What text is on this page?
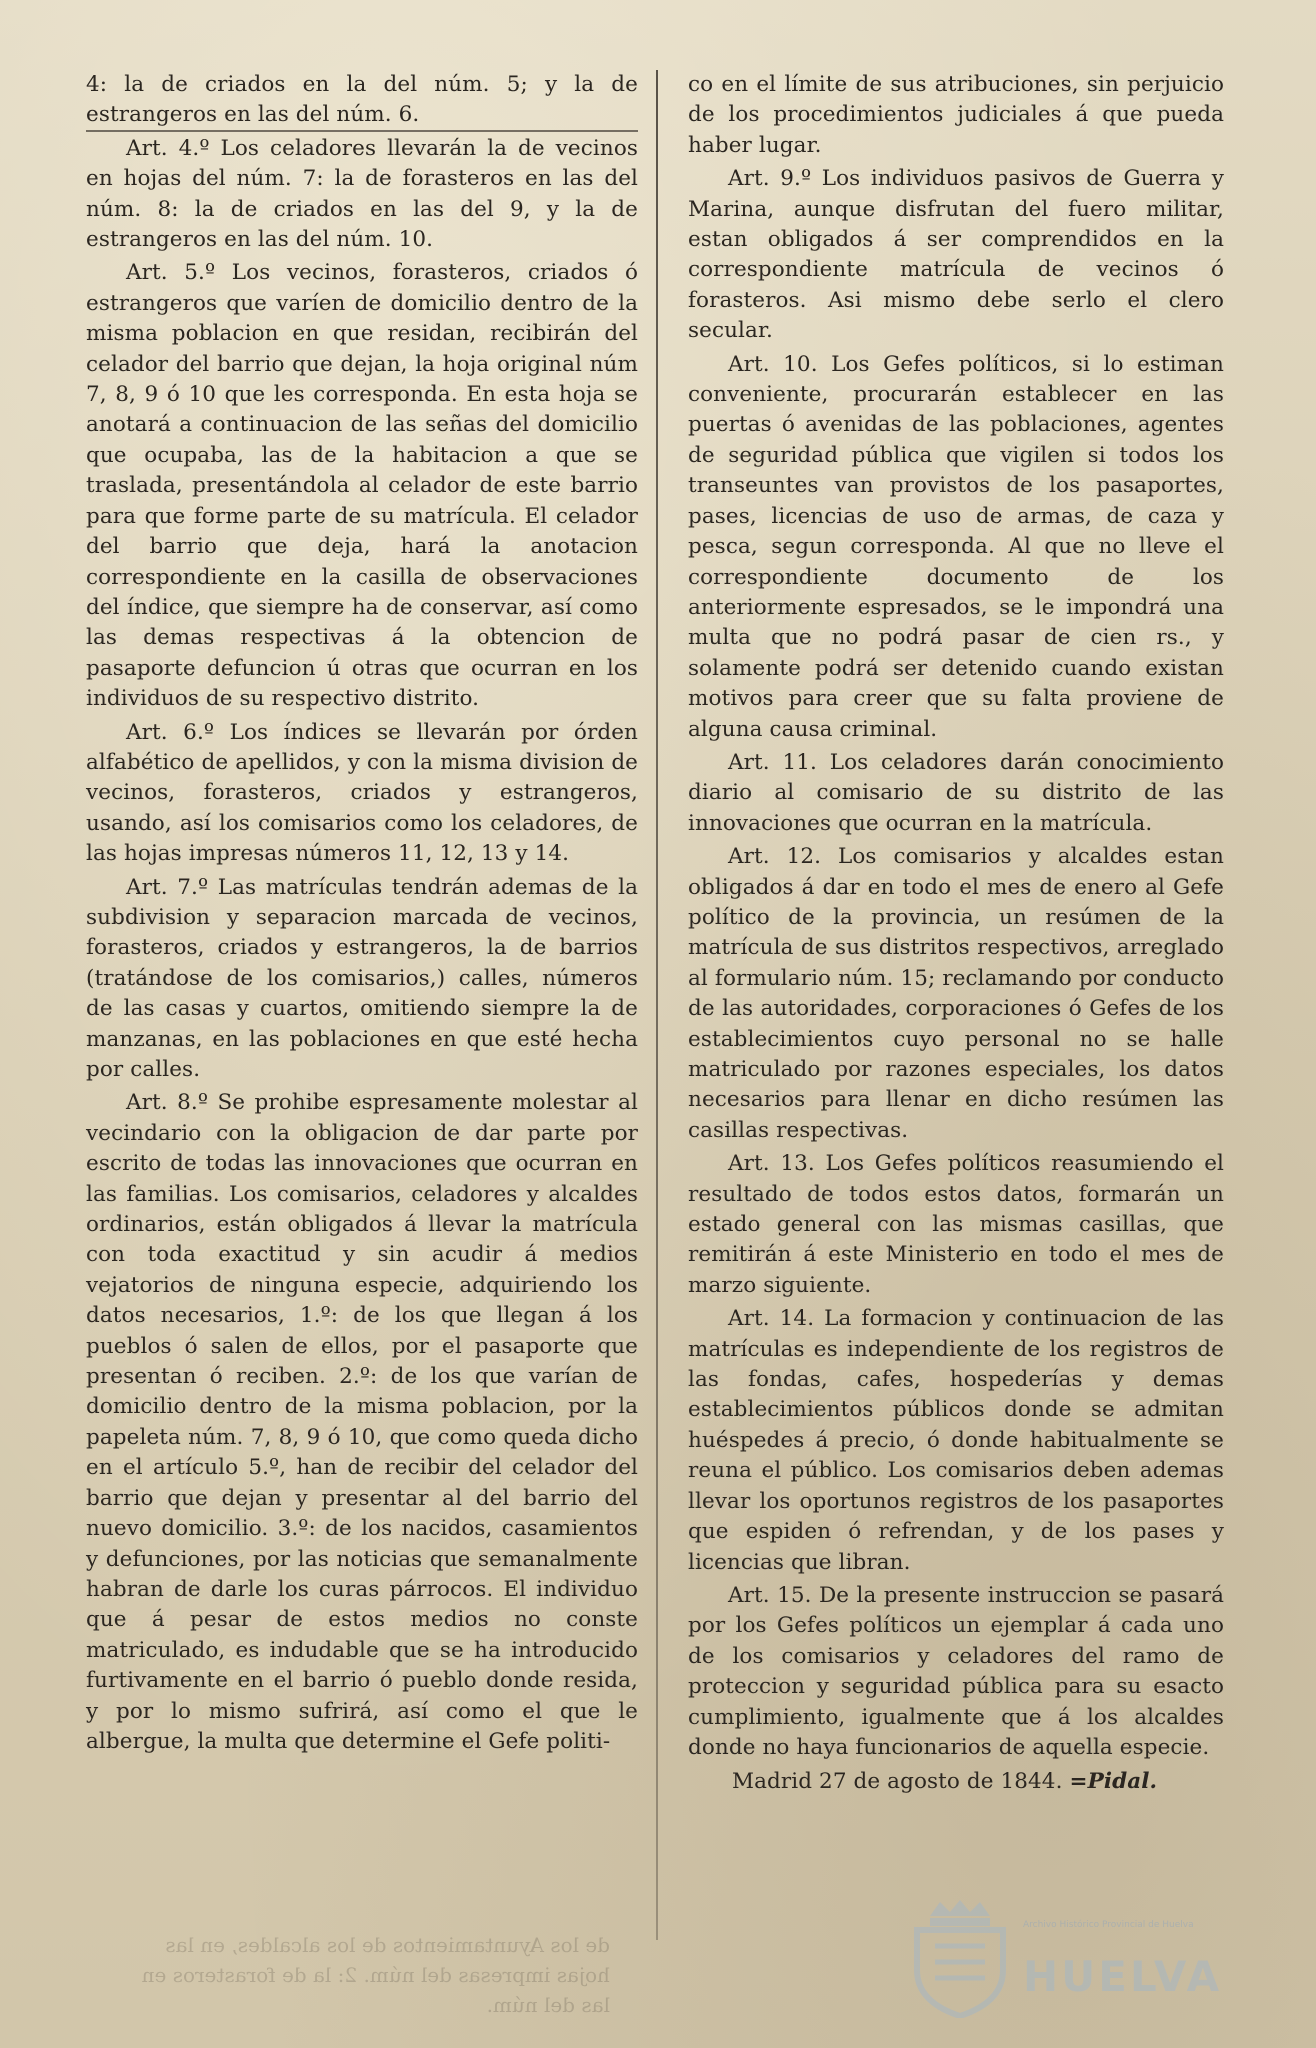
4: la de criados en la del núm. 5; y la de estrangeros en las del núm. 6.

Art. 4.º Los celadores llevarán la de vecinos en hojas del núm. 7: la de forasteros en las del núm. 8: la de criados en las del 9, y la de estrangeros en las del núm. 10.

Art. 5.º Los vecinos, forasteros, criados ó estrangeros que varíen de domicilio dentro de la misma poblacion en que residan, recibirán del celador del barrio que dejan, la hoja original núm 7, 8, 9 ó 10 que les corresponda. En esta hoja se anotará a continuacion de las señas del domicilio que ocupaba, las de la habitacion a que se traslada, presentándola al celador de este barrio para que forme parte de su matrícula. El celador del barrio que deja, hará la anotacion correspondiente en la casilla de observaciones del índice, que siempre ha de conservar, así como las demas respectivas á la obtencion de pasaporte defuncion ú otras que ocurran en los individuos de su respectivo distrito.

Art. 6.º Los índices se llevarán por órden alfabético de apellidos, y con la misma division de vecinos, forasteros, criados y estrangeros, usando, así los comisarios como los celadores, de las hojas impresas números 11, 12, 13 y 14.

Art. 7.º Las matrículas tendrán ademas de la subdivision y separacion marcada de vecinos, forasteros, criados y estrangeros, la de barrios (tratándose de los comisarios,) calles, números de las casas y cuartos, omitiendo siempre la de manzanas, en las poblaciones en que esté hecha por calles.

Art. 8.º Se prohibe espresamente molestar al vecindario con la obligacion de dar parte por escrito de todas las innovaciones que ocurran en las familias. Los comisarios, celadores y alcaldes ordinarios, están obligados á llevar la matrícula con toda exactitud y sin acudir á medios vejatorios de ninguna especie, adquiriendo los datos necesarios, 1.º: de los que llegan á los pueblos ó salen de ellos, por el pasaporte que presentan ó reciben. 2.º: de los que varían de domicilio dentro de la misma poblacion, por la papeleta núm. 7, 8, 9 ó 10, que como queda dicho en el artículo 5.º, han de recibir del celador del barrio que dejan y presentar al del barrio del nuevo domicilio. 3.º: de los nacidos, casamientos y defunciones, por las noticias que semanalmente habran de darle los curas párrocos. El individuo que á pesar de estos medios no conste matriculado, es indudable que se ha introducido furtivamente en el barrio ó pueblo donde resida, y por lo mismo sufrirá, así como el que le albergue, la multa que determine el Gefe politi-

co en el límite de sus atribuciones, sin perjuicio de los procedimientos judiciales á que pueda haber lugar.

Art. 9.º Los individuos pasivos de Guerra y Marina, aunque disfrutan del fuero militar, estan obligados á ser comprendidos en la correspondiente matrícula de vecinos ó forasteros. Asi mismo debe serlo el clero secular.

Art. 10. Los Gefes políticos, si lo estiman conveniente, procurarán establecer en las puertas ó avenidas de las poblaciones, agentes de seguridad pública que vigilen si todos los transeuntes van provistos de los pasaportes, pases, licencias de uso de armas, de caza y pesca, segun corresponda. Al que no lleve el correspondiente documento de los anteriormente espresados, se le impondrá una multa que no podrá pasar de cien rs., y solamente podrá ser detenido cuando existan motivos para creer que su falta proviene de alguna causa criminal.

Art. 11. Los celadores darán conocimiento diario al comisario de su distrito de las innovaciones que ocurran en la matrícula.

Art. 12. Los comisarios y alcaldes estan obligados á dar en todo el mes de enero al Gefe político de la provincia, un resúmen de la matrícula de sus distritos respectivos, arreglado al formulario núm. 15; reclamando por conducto de las autoridades, corporaciones ó Gefes de los establecimientos cuyo personal no se halle matriculado por razones especiales, los datos necesarios para llenar en dicho resúmen las casillas respectivas.

Art. 13. Los Gefes políticos reasumiendo el resultado de todos estos datos, formarán un estado general con las mismas casillas, que remitirán á este Ministerio en todo el mes de marzo siguiente.

Art. 14. La formacion y continuacion de las matrículas es independiente de los registros de las fondas, cafes, hospederías y demas establecimientos públicos donde se admitan huéspedes á precio, ó donde habitualmente se reuna el público. Los comisarios deben ademas llevar los oportunos registros de los pasaportes que espiden ó refrendan, y de los pases y licencias que libran.

Art. 15. De la presente instruccion se pasará por los Gefes políticos un ejemplar á cada uno de los comisarios y celadores del ramo de proteccion y seguridad pública para su esacto cumplimiento, igualmente que á los alcaldes donde no haya funcionarios de aquella especie.

Madrid 27 de agosto de 1844. =Pidal.

de los Ayuntamientos de los alcaldes, en las hojas impresas del núm. 2: la de forasteros en las del núm.
Archivo Histórico Provincial de Huelva
HUELVA
